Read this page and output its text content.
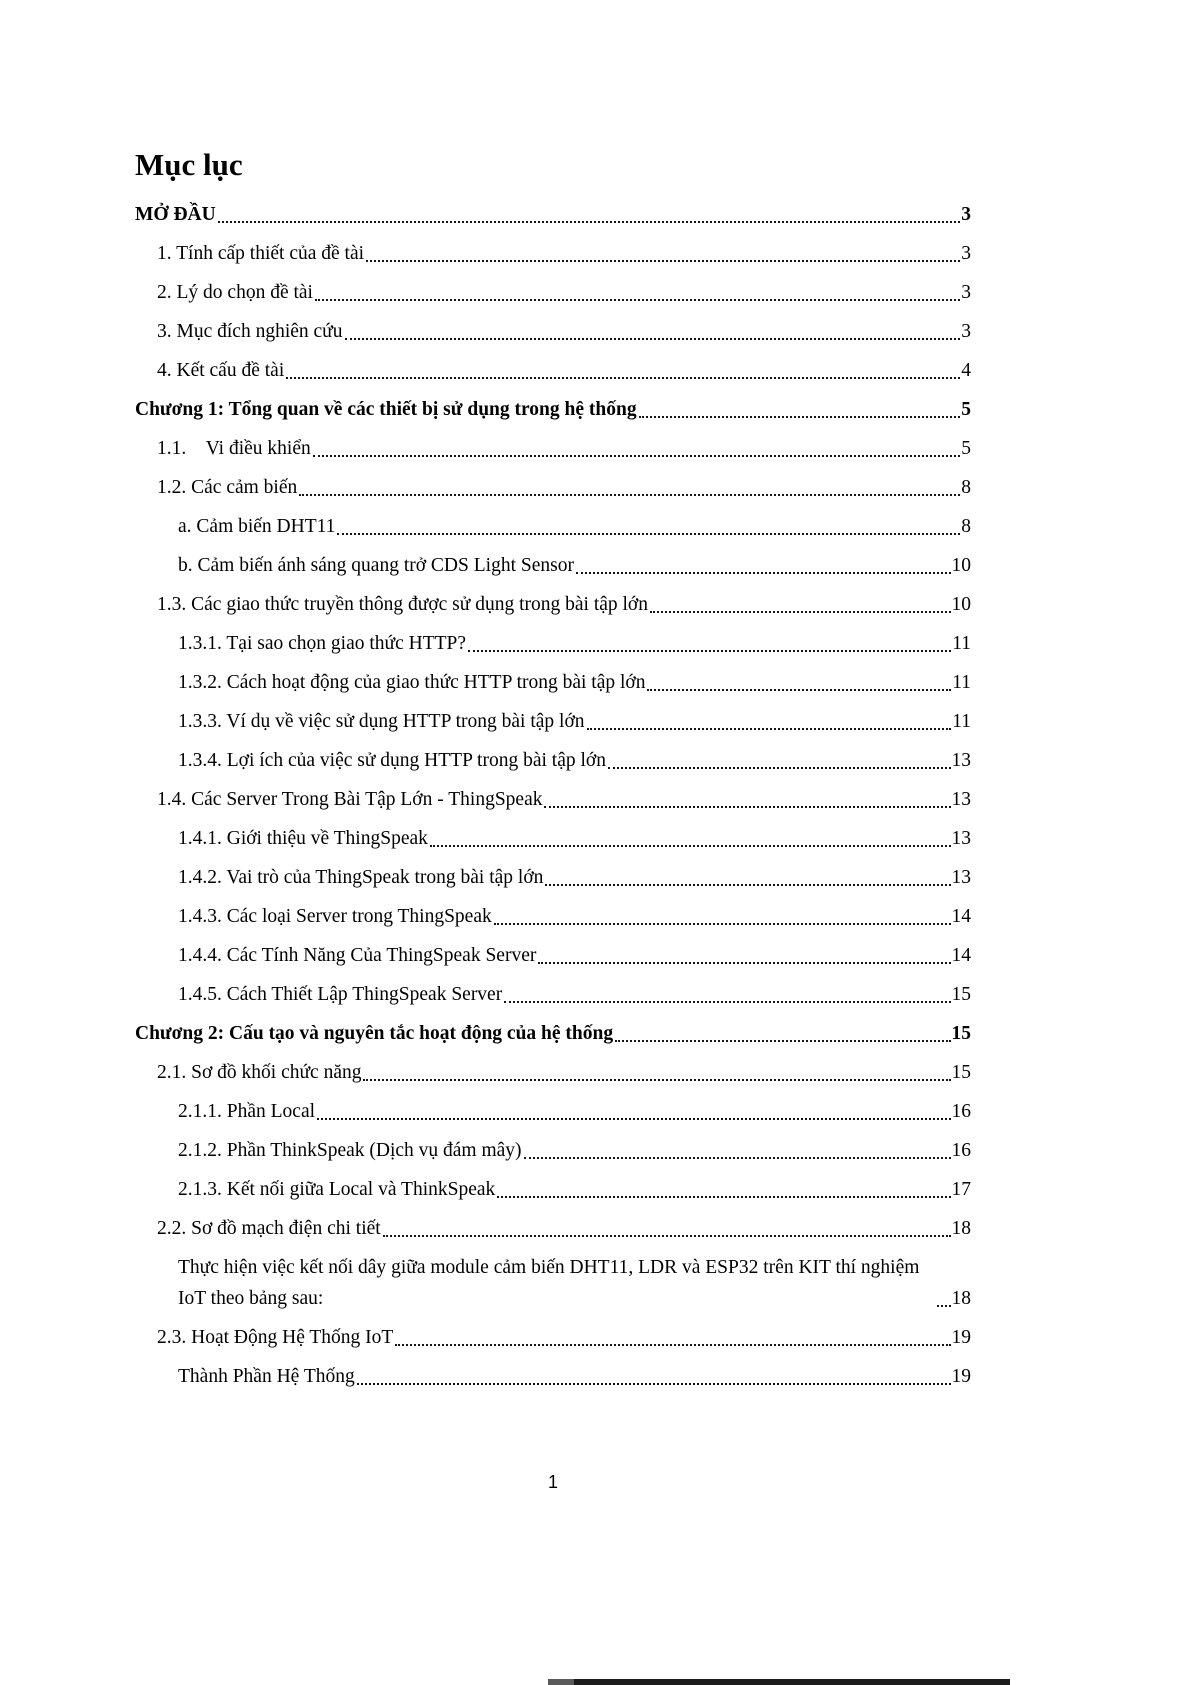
Mục lục
MỞ ĐẦU	3
1. Tính cấp thiết của đề tài	3
2. Lý do chọn đề tài	3
3. Mục đích nghiên cứu	3
4. Kết cấu đề tài	4
Chương 1: Tổng quan về các thiết bị sử dụng trong hệ thống	5
1.1.    Vi điều khiển	5
1.2. Các cảm biến	8
a. Cảm biến DHT11	8
b. Cảm biến ánh sáng quang trở CDS Light Sensor	10
1.3. Các giao thức truyền thông được sử dụng trong bài tập lớn	10
1.3.1. Tại sao chọn giao thức HTTP?	11
1.3.2. Cách hoạt động của giao thức HTTP trong bài tập lớn	11
1.3.3. Ví dụ về việc sử dụng HTTP trong bài tập lớn	11
1.3.4. Lợi ích của việc sử dụng HTTP trong bài tập lớn	13
1.4. Các Server Trong Bài Tập Lớn - ThingSpeak	13
1.4.1. Giới thiệu về ThingSpeak	13
1.4.2. Vai trò của ThingSpeak trong bài tập lớn	13
1.4.3. Các loại Server trong ThingSpeak	14
1.4.4. Các Tính Năng Của ThingSpeak Server	14
1.4.5. Cách Thiết Lập ThingSpeak Server	15
Chương 2: Cấu tạo và nguyên tắc hoạt động của hệ thống	15
2.1. Sơ đồ khối chức năng	15
2.1.1. Phần Local	16
2.1.2. Phần ThinkSpeak (Dịch vụ đám mây)	16
2.1.3. Kết nối giữa Local và ThinkSpeak	17
2.2. Sơ đồ mạch điện chi tiết	18
Thực hiện việc kết nối dây giữa module cảm biến DHT11, LDR và ESP32 trên KIT thí nghiệm IoT theo bảng sau:	18
2.3. Hoạt Động Hệ Thống IoT	19
Thành Phần Hệ Thống	19
1
